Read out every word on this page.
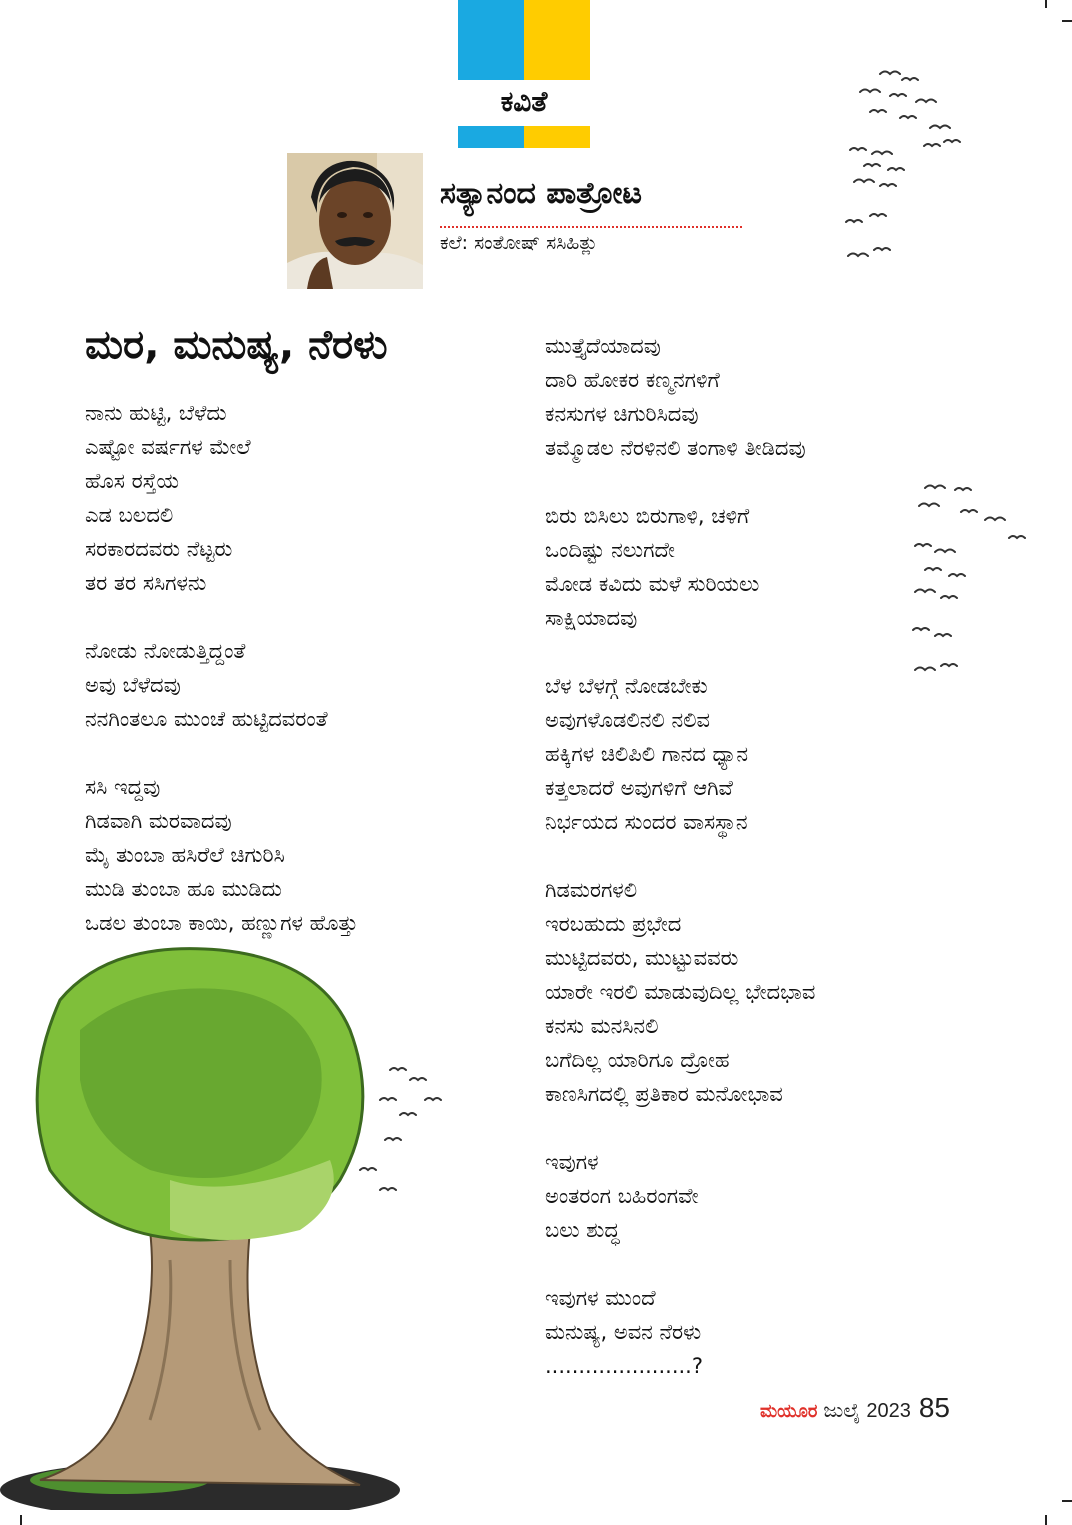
ಕವಿತೆ
ಸತ್ಯಾನಂದ ಪಾತ್ರೋಟ
ಕಲೆ: ಸಂತೋಷ್ ಸಸಿಹಿತ್ಲು
ಮರ, ಮನುಷ್ಯ, ನೆರಳು
ನಾನು ಹುಟ್ಟಿ, ಬೆಳೆದು
ಎಷ್ಟೋ ವರ್ಷಗಳ ಮೇಲೆ
ಹೊಸ ರಸ್ತೆಯ
ಎಡ ಬಲದಲಿ
ಸರಕಾರದವರು ನೆಟ್ಟರು
ತರ ತರ ಸಸಿಗಳನು
ನೋಡು ನೋಡುತ್ತಿದ್ದಂತೆ
ಅವು ಬೆಳೆದವು
ನನಗಿಂತಲೂ ಮುಂಚೆ ಹುಟ್ಟಿದವರಂತೆ
ಸಸಿ ಇದ್ದವು
ಗಿಡವಾಗಿ ಮರವಾದವು
ಮೈ ತುಂಬಾ ಹಸಿರೆಲೆ ಚಿಗುರಿಸಿ
ಮುಡಿ ತುಂಬಾ ಹೂ ಮುಡಿದು
ಒಡಲ ತುಂಬಾ ಕಾಯಿ, ಹಣ್ಣುಗಳ ಹೊತ್ತು
ಮುತ್ತೈದೆಯಾದವು
ದಾರಿ ಹೋಕರ ಕಣ್ಮನಗಳಿಗೆ
ಕನಸುಗಳ ಚಿಗುರಿಸಿದವು
ತಮ್ಮೊಡಲ ನೆರಳಿನಲಿ ತಂಗಾಳಿ ತೀಡಿದವು
ಬಿರು ಬಿಸಿಲು ಬಿರುಗಾಳಿ, ಚಳಿಗೆ
ಒಂದಿಷ್ಟು ನಲುಗದೇ
ಮೋಡ ಕವಿದು ಮಳೆ ಸುರಿಯಲು
ಸಾಕ್ಷಿಯಾದವು
ಬೆಳ ಬೆಳಗ್ಗೆ ನೋಡಬೇಕು
ಅವುಗಳೊಡಲಿನಲಿ ನಲಿವ
ಹಕ್ಕಿಗಳ ಚಿಲಿಪಿಲಿ ಗಾನದ ಧ್ಯಾನ
ಕತ್ತಲಾದರೆ ಅವುಗಳಿಗೆ ಆಗಿವೆ
ನಿರ್ಭಯದ ಸುಂದರ ವಾಸಸ್ಥಾನ
ಗಿಡಮರಗಳಲಿ
ಇರಬಹುದು ಪ್ರಭೇದ
ಮುಟ್ಟಿದವರು, ಮುಟ್ಟುವವರು
ಯಾರೇ ಇರಲಿ ಮಾಡುವುದಿಲ್ಲ ಭೇದಭಾವ
ಕನಸು ಮನಸಿನಲಿ
ಬಗೆದಿಲ್ಲ ಯಾರಿಗೂ ದ್ರೋಹ
ಕಾಣಸಿಗದಲ್ಲಿ ಪ್ರತಿಕಾರ ಮನೋಭಾವ
ಇವುಗಳ
ಅಂತರಂಗ ಬಹಿರಂಗವೇ
ಬಲು ಶುದ್ಧ
ಇವುಗಳ ಮುಂದೆ
ಮನುಷ್ಯ, ಅವನ ನೆರಳು
......................?
ಮಯೂರ ಜುಲೈ 2023 85
